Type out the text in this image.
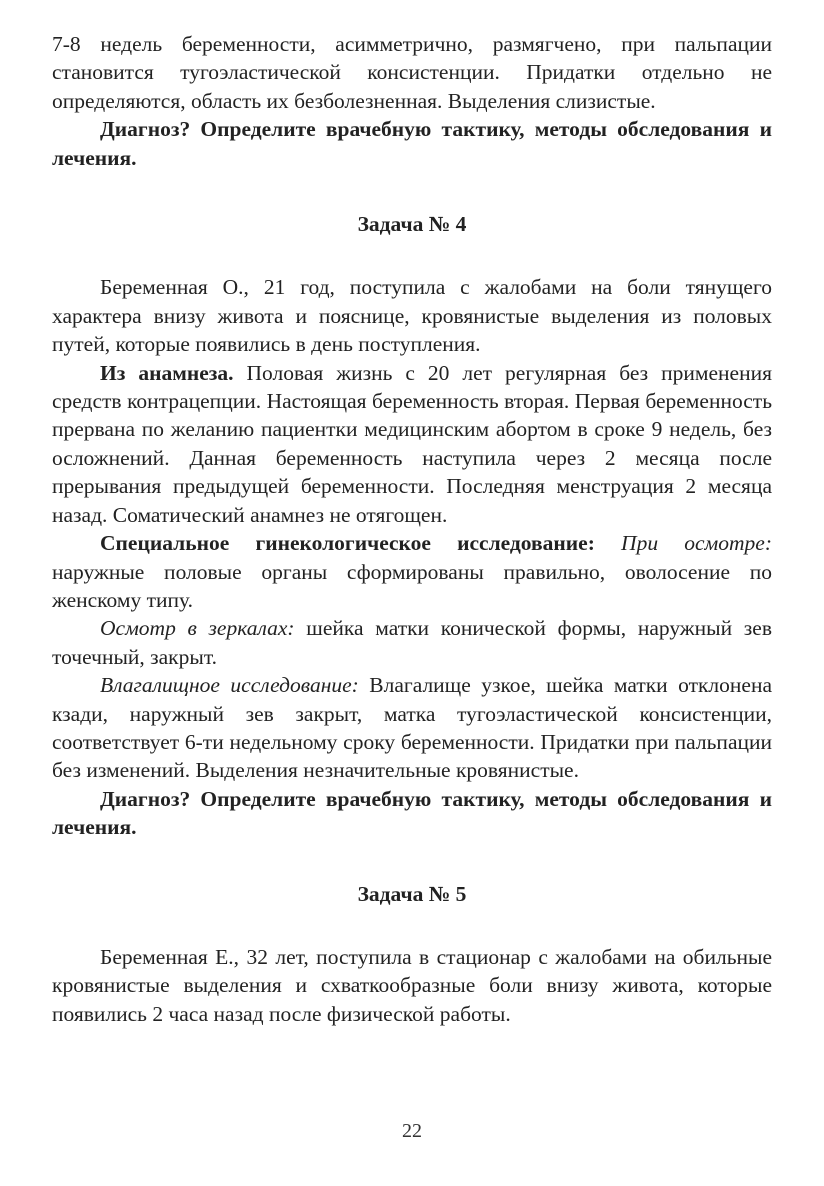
7-8 недель беременности, асимметрично, размягчено, при пальпации становится тугоэластической консистенции. Придатки отдельно не определяются, область их безболезненная. Выделения слизистые.

Диагноз? Определите врачебную тактику, методы обследования и лечения.

Задача № 4

Беременная О., 21 год, поступила с жалобами на боли тянущего характера внизу живота и пояснице, кровянистые выделения из половых путей, которые появились в день поступления.

Из анамнеза. Половая жизнь с 20 лет регулярная без применения средств контрацепции. Настоящая беременность вторая. Первая беременность прервана по желанию пациентки медицинским абортом в сроке 9 недель, без осложнений. Данная беременность наступила через 2 месяца после прерывания предыдущей беременности. Последняя менструация 2 месяца назад. Соматический анамнез не отягощен.

Специальное гинекологическое исследование: При осмотре: наружные половые органы сформированы правильно, оволосение по женскому типу.

Осмотр в зеркалах: шейка матки конической формы, наружный зев точечный, закрыт.

Влагалищное исследование: Влагалище узкое, шейка матки отклонена кзади, наружный зев закрыт, матка тугоэластической консистенции, соответствует 6-ти недельному сроку беременности. Придатки при пальпации без изменений. Выделения незначительные кровянистые.

Диагноз? Определите врачебную тактику, методы обследования и лечения.

Задача № 5

Беременная Е., 32 лет, поступила в стационар с жалобами на обильные кровянистые выделения и схваткообразные боли внизу живота, которые появились 2 часа назад после физической работы.

22
